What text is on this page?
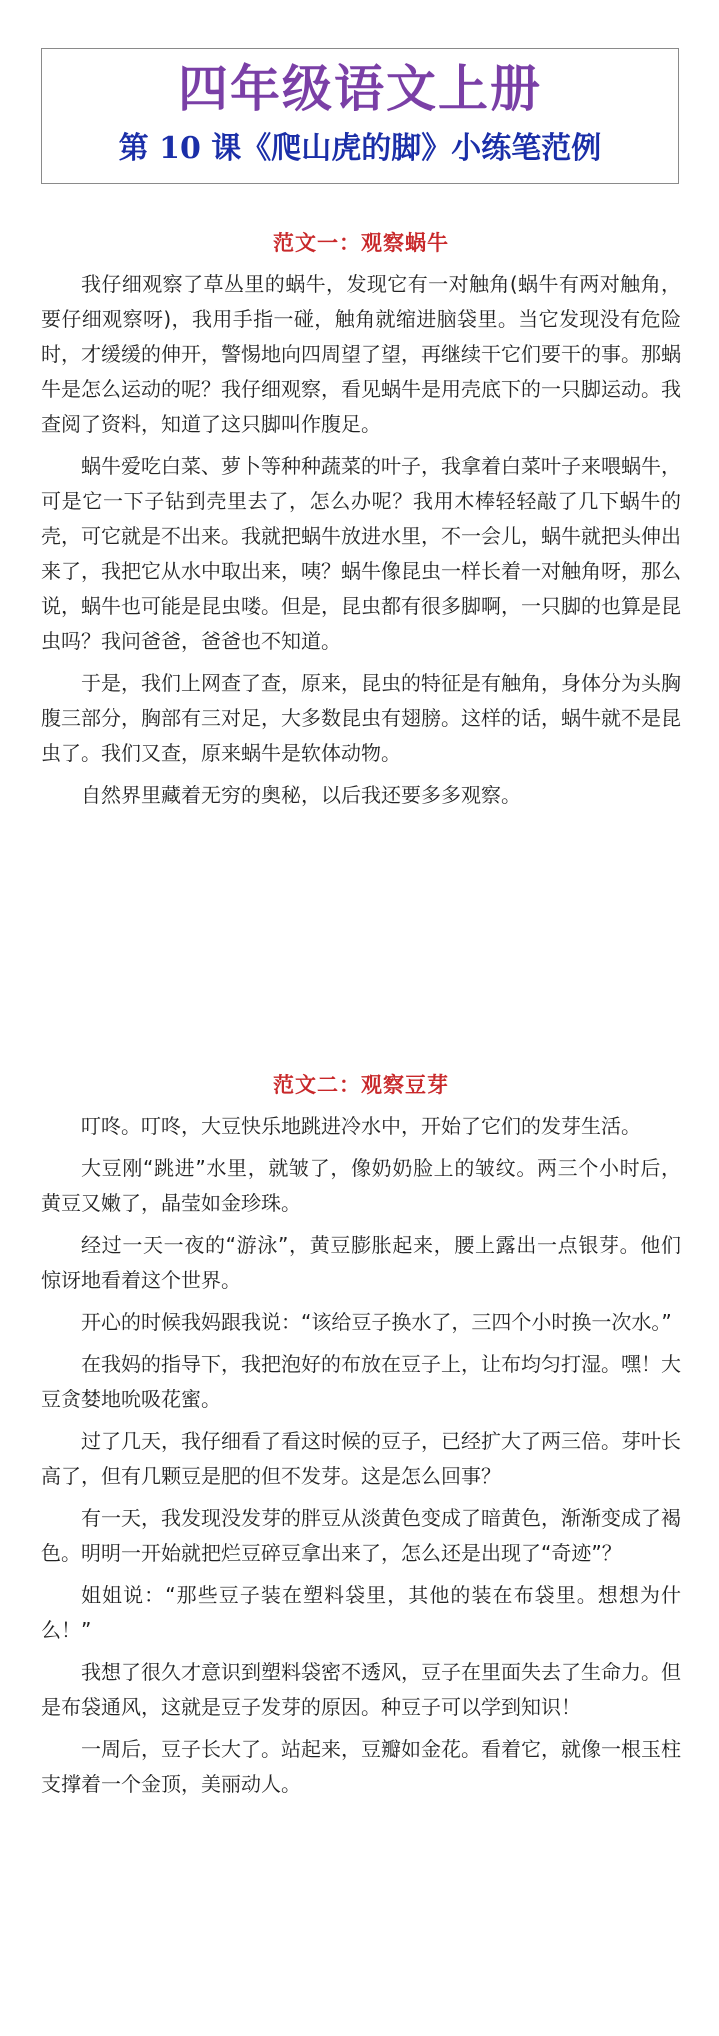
四年级语文上册
第 10 课《爬山虎的脚》小练笔范例
范文一：观察蜗牛

我仔细观察了草丛里的蜗牛，发现它有一对触角(蜗牛有两对触角，要仔细观察呀)，我用手指一碰，触角就缩进脑袋里。当它发现没有危险时，才缓缓的伸开，警惕地向四周望了望，再继续干它们要干的事。那蜗牛是怎么运动的呢？我仔细观察，看见蜗牛是用壳底下的一只脚运动。我查阅了资料，知道了这只脚叫作腹足。

蜗牛爱吃白菜、萝卜等种种蔬菜的叶子，我拿着白菜叶子来喂蜗牛，可是它一下子钻到壳里去了，怎么办呢？我用木棒轻轻敲了几下蜗牛的壳，可它就是不出来。我就把蜗牛放进水里，不一会儿，蜗牛就把头伸出来了，我把它从水中取出来，咦？蜗牛像昆虫一样长着一对触角呀，那么说，蜗牛也可能是昆虫喽。但是，昆虫都有很多脚啊，一只脚的也算是昆虫吗？我问爸爸，爸爸也不知道。

于是，我们上网查了查，原来，昆虫的特征是有触角，身体分为头胸腹三部分，胸部有三对足，大多数昆虫有翅膀。这样的话，蜗牛就不是昆虫了。我们又查，原来蜗牛是软体动物。

自然界里藏着无穷的奥秘，以后我还要多多观察。

范文二：观察豆芽

叮咚。叮咚，大豆快乐地跳进冷水中，开始了它们的发芽生活。

大豆刚“跳进”水里，就皱了，像奶奶脸上的皱纹。两三个小时后，黄豆又嫩了，晶莹如金珍珠。

经过一天一夜的“游泳”，黄豆膨胀起来，腰上露出一点银芽。他们惊讶地看着这个世界。

开心的时候我妈跟我说：“该给豆子换水了，三四个小时换一次水。”

在我妈的指导下，我把泡好的布放在豆子上，让布均匀打湿。嘿！大豆贪婪地吮吸花蜜。

过了几天，我仔细看了看这时候的豆子，已经扩大了两三倍。芽叶长高了，但有几颗豆是肥的但不发芽。这是怎么回事？

有一天，我发现没发芽的胖豆从淡黄色变成了暗黄色，渐渐变成了褐色。明明一开始就把烂豆碎豆拿出来了，怎么还是出现了“奇迹”？

姐姐说：“那些豆子装在塑料袋里，其他的装在布袋里。想想为什么！”

我想了很久才意识到塑料袋密不透风，豆子在里面失去了生命力。但是布袋通风，这就是豆子发芽的原因。种豆子可以学到知识！

一周后，豆子长大了。站起来，豆瓣如金花。看着它，就像一根玉柱支撑着一个金顶，美丽动人。
